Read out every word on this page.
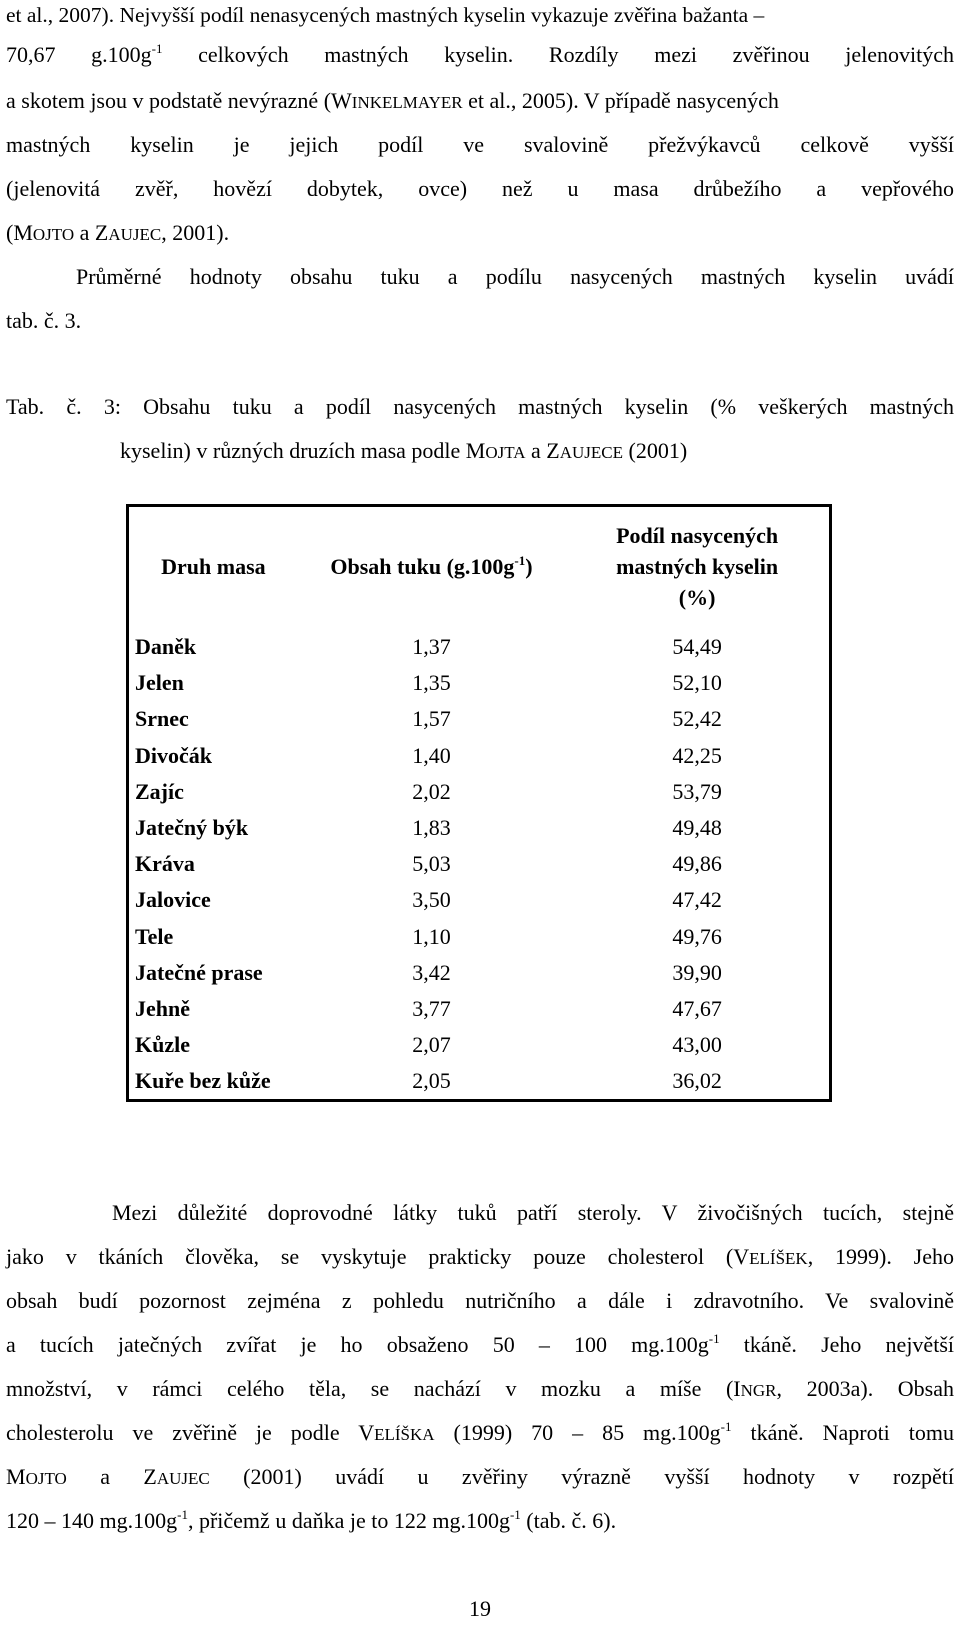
et al., 2007). Nejvyšší podíl nenasycených mastných kyselin vykazuje zvěřina bažanta –
70,67 $g.100g^{-1}$ celkových mastných kyselin. Rozdíly mezi zvěřinou jelenovitých
a skotem jsou v podstatě nevýrazné (WINKELMAYER et al., 2005). V případě nasycených
mastných kyselin je jejich podíl ve svalovině přežvýkavců celkově vyšší
(jelenovitá zvěř, hovězí dobytek, ovce) než u masa drůbežího a vepřového
(MOJTO a ZAUJEC, 2001).
Průměrné hodnoty obsahu tuku a podílu nasycených mastných kyselin uvádí
tab. č. 3.
Tab. č. 3: Obsahu tuku a podíl nasycených mastných kyselin (% veškerých mastných
kyselin) v různých druzích masa podle MOJTA a ZAUJECE (2001)
Druh masa	Obsah tuku $(g.100g^{-1})$	Podíl nasycených
mastných kyselin
(%)
Daněk	1,37	54,49
Jelen	1,35	52,10
Srnec	1,57	52,42
Divočák	1,40	42,25
Zajíc	2,02	53,79
Jatečný býk	1,83	49,48
Kráva	5,03	49,86
Jalovice	3,50	47,42
Tele	1,10	49,76
Jatečné prase	3,42	39,90
Jehně	3,77	47,67
Kůzle	2,07	43,00
Kuře bez kůže	2,05	36,02
Mezi důležité doprovodné látky tuků patří steroly. V živočišných tucích, stejně
jako v tkáních člověka, se vyskytuje prakticky pouze cholesterol (VELÍŠEK, 1999). Jeho
obsah budí pozornost zejména z pohledu nutričního a dále i zdravotního. Ve svalovině
a tucích jatečných zvířat je ho obsaženo 50 – 100 $mg.100g^{-1}$ tkáně. Jeho největší
množství, v rámci celého těla, se nachází v mozku a míše (INGR, 2003a). Obsah
cholesterolu ve zvěřině je podle VELÍŠKA (1999) 70 – 85 $mg.100g^{-1}$ tkáně. Naproti tomu
MOJTO a ZAUJEC (2001) uvádí u zvěřiny výrazně vyšší hodnoty v rozpětí
120 – 140 $mg.100g^{-1}$, přičemž u daňka je to 122 $mg.100g^{-1}$ (tab. č. 6).
19
